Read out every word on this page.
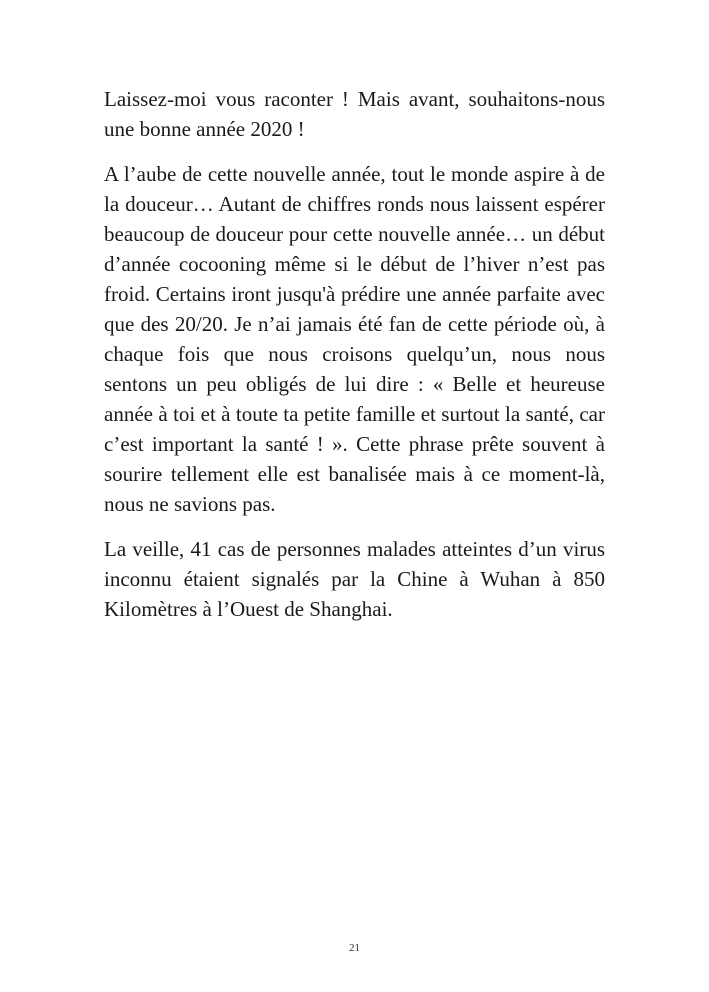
Laissez-moi vous raconter ! Mais avant, souhaitons-nous une bonne année 2020 !

A l’aube de cette nouvelle année, tout le monde aspire à de la douceur… Autant de chiffres ronds nous laissent espérer beaucoup de douceur pour cette nouvelle année… un début d’année cocooning même si le début de l’hiver n’est pas froid. Certains iront jusqu'à prédire une année parfaite avec que des 20/20. Je n’ai jamais été fan de cette période où, à chaque fois que nous croisons quelqu’un, nous nous sentons un peu obligés de lui dire : « Belle et heureuse année à toi et à toute ta petite famille et surtout la santé, car c’est important la santé ! ». Cette phrase prête souvent à sourire tellement elle est banalisée mais à ce moment-là, nous ne savions pas.

La veille, 41 cas de personnes malades atteintes d’un virus inconnu étaient signalés par la Chine à Wuhan à 850 Kilomètres à l’Ouest de Shanghai.

21
